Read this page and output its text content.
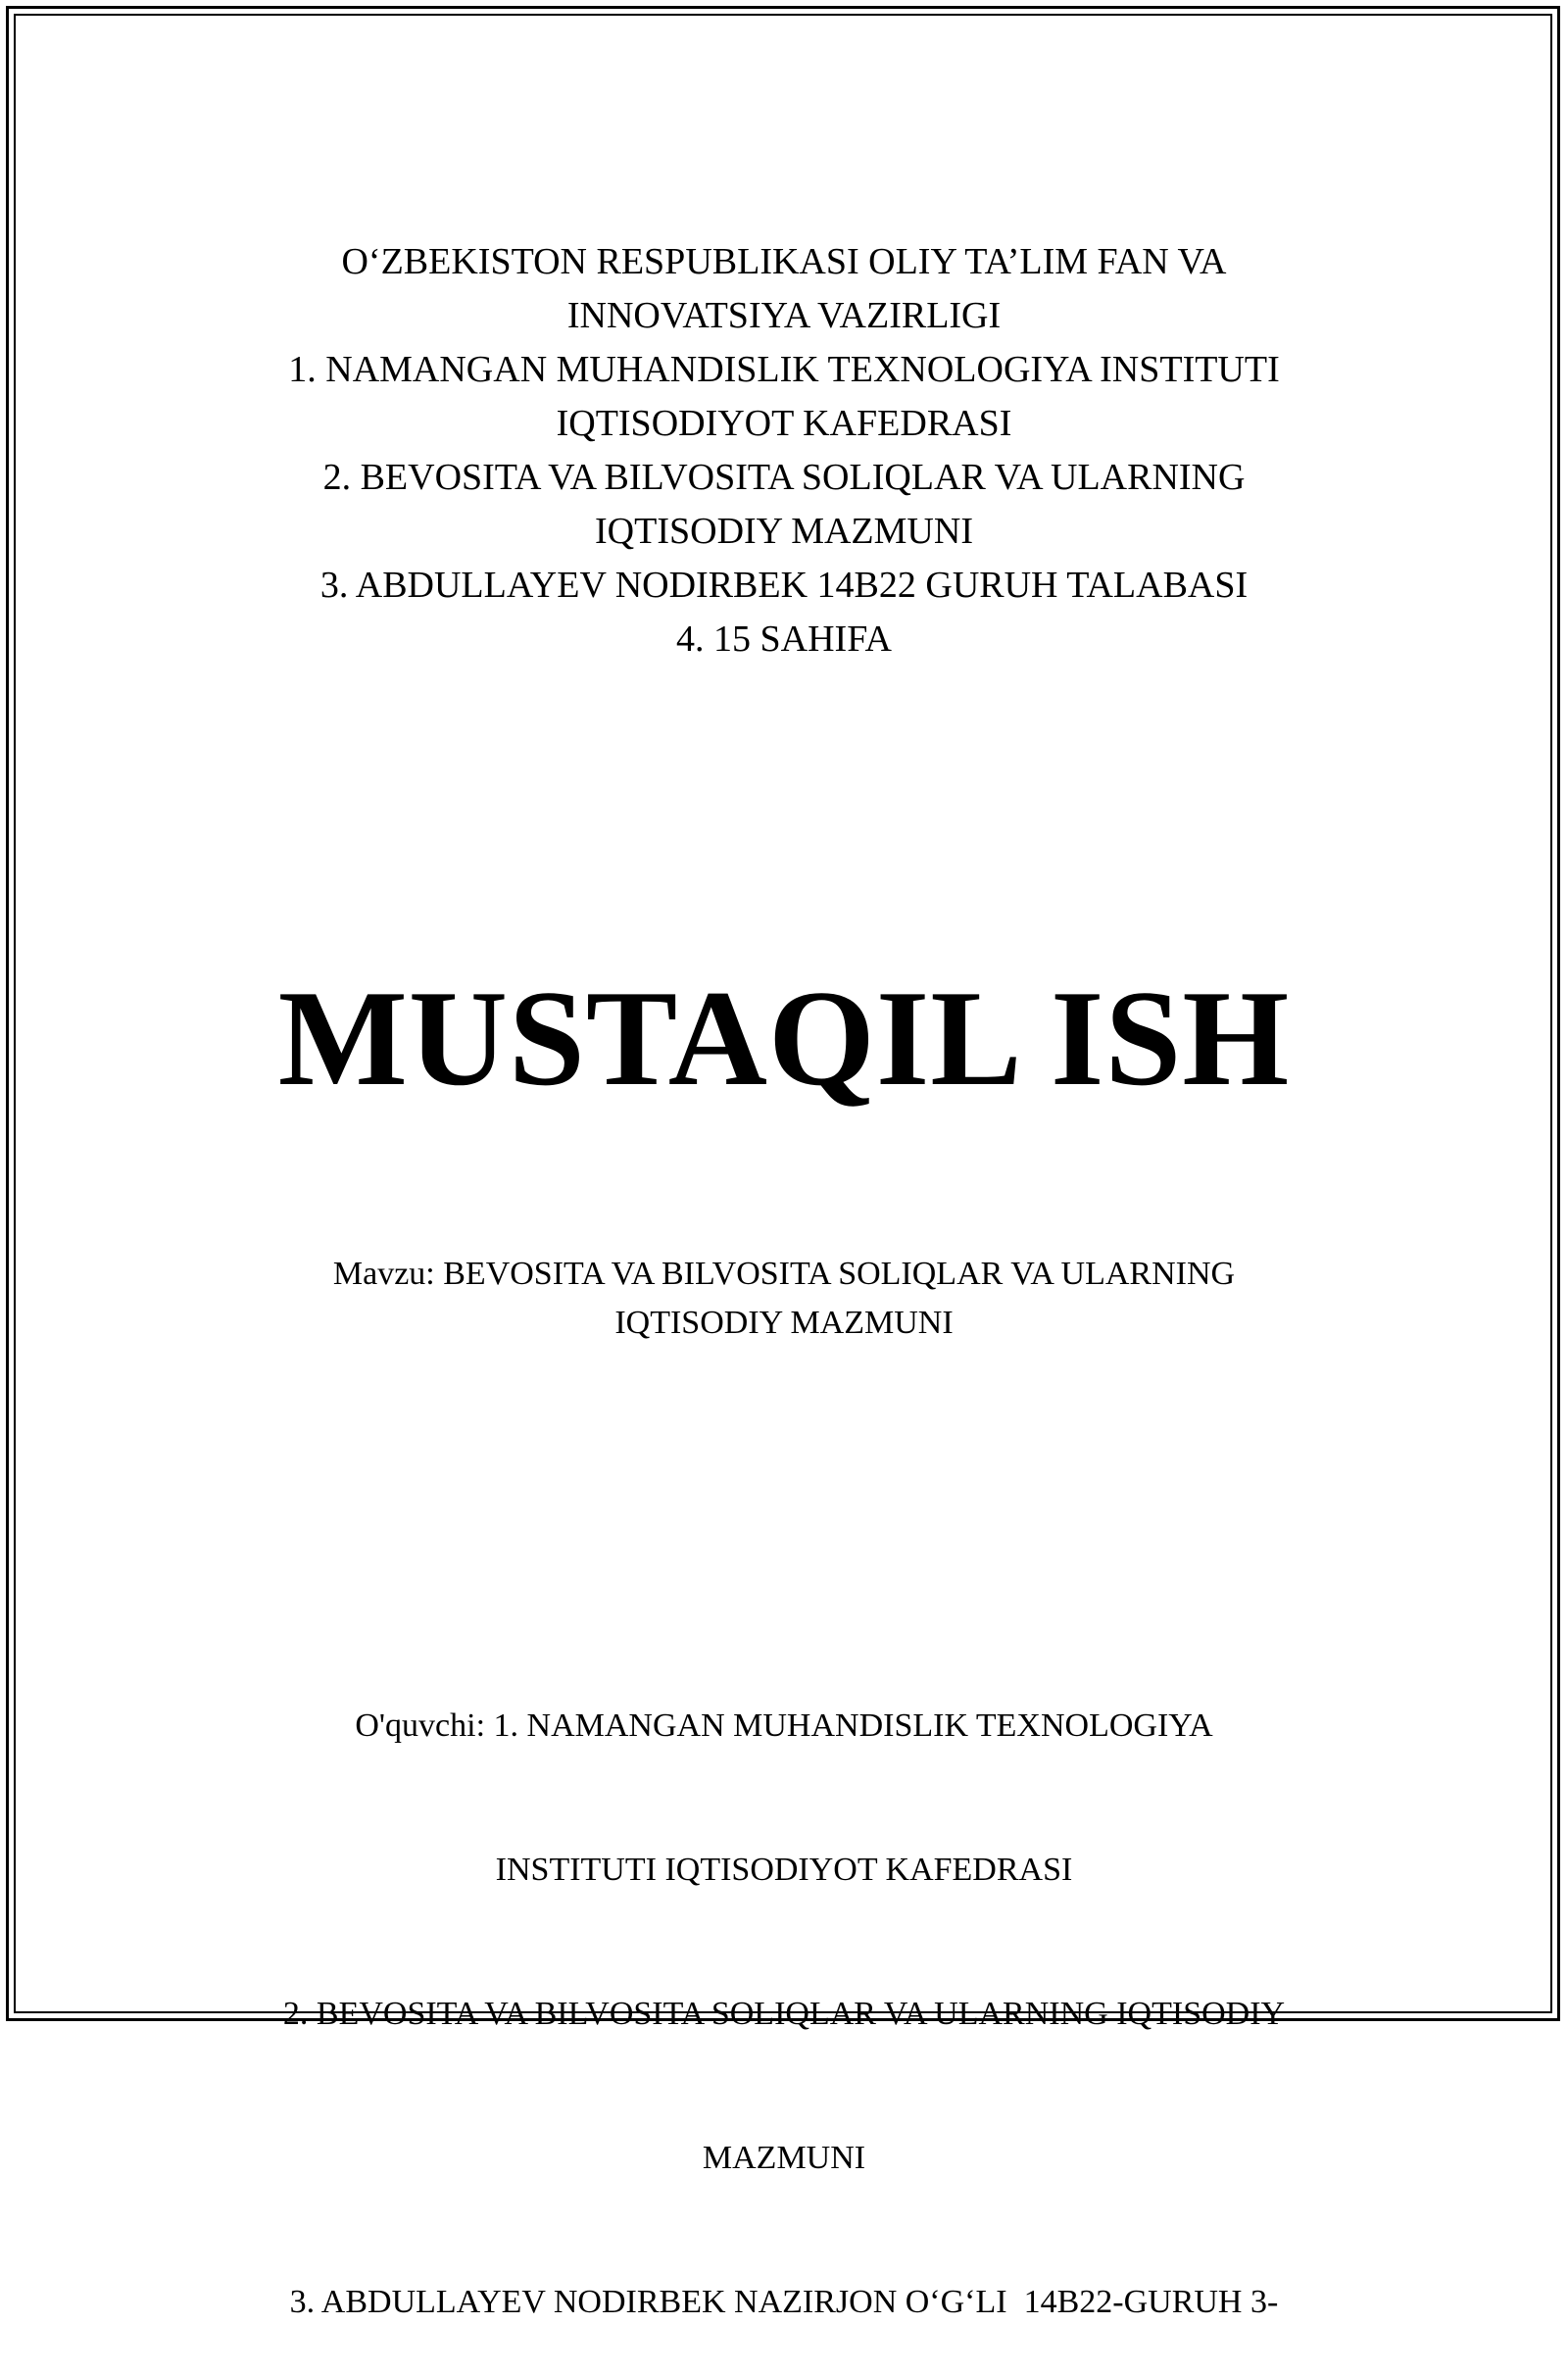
O‘ZBEKISTON RESPUBLIKASI OLIY TA’LIM FAN VA
INNOVATSIYA VAZIRLIGI
1. NAMANGAN MUHANDISLIK TEXNOLOGIYA INSTITUTI
IQTISODIYOT KAFEDRASI
2. BEVOSITA VA BILVOSITA SOLIQLAR VA ULARNING
IQTISODIY MAZMUNI
3. ABDULLAYEV NODIRBEK 14B22 GURUH TALABASI
4. 15 SAHIFA
MUSTAQIL ISH
Mavzu: BEVOSITA VA BILVOSITA SOLIQLAR VA ULARNING
IQTISODIY MAZMUNI

O'quvchi: 1. NAMANGAN MUHANDISLIK TEXNOLOGIYA

INSTITUTI IQTISODIYOT KAFEDRASI

2. BEVOSITA VA BILVOSITA SOLIQLAR VA ULARNING IQTISODIY

MAZMUNI

3. ABDULLAYEV NODIRBEK NAZIRJON O‘G‘LI  14B22-GURUH 3-
